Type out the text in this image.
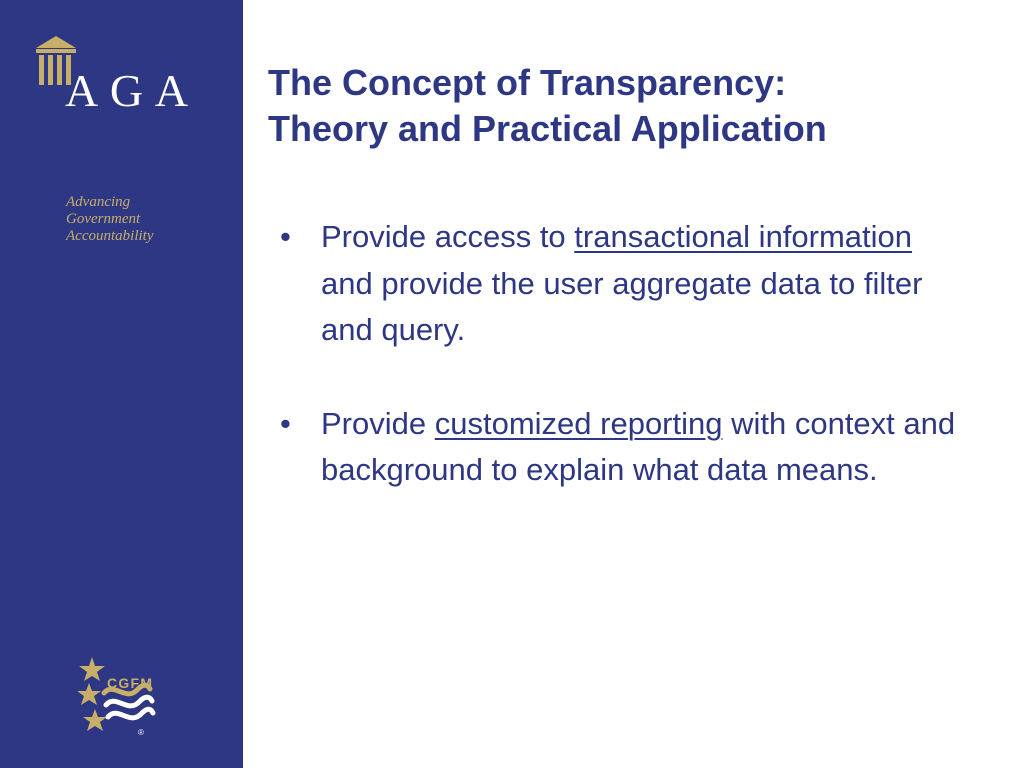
AGA
Advancing
Government
Accountability
CGFM
®
The Concept of Transparency:
Theory and Practical Application
• Provide access to transactional information and provide the user aggregate data to filter and query.
• Provide customized reporting with context and background to explain what data means.
